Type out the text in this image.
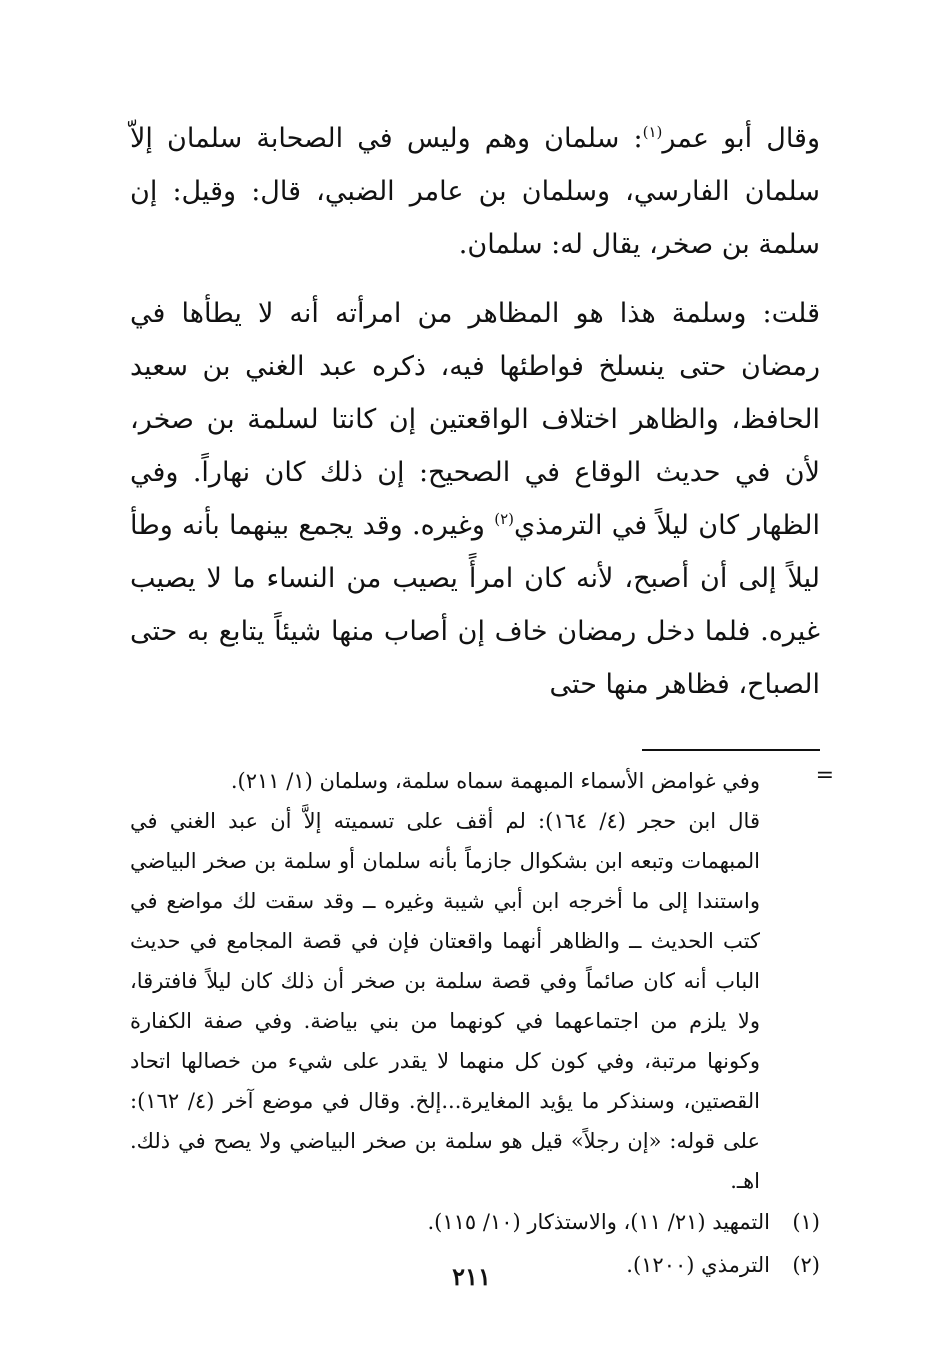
وقال أبو عمر$^{(١)}$: سلمان وهم وليس في الصحابة سلمان إلاّ سلمان الفارسي، وسلمان بن عامر الضبي، قال: وقيل: إن سلمة بن صخر، يقال له: سلمان.

قلت: وسلمة هذا هو المظاهر من امرأته أنه لا يطأها في رمضان حتى ينسلخ فواطئها فيه، ذكره عبد الغني بن سعيد الحافظ، والظاهر اختلاف الواقعتين إن كانتا لسلمة بن صخر، لأن في حديث الوقاع في الصحيح: إن ذلك كان نهاراً. وفي الظهار كان ليلاً في الترمذي$^{(٢)}$ وغيره. وقد يجمع بينهما بأنه وطأ ليلاً إلى أن أصبح، لأنه كان امرأً يصيب من النساء ما لا يصيب غيره. فلما دخل رمضان خاف إن أصاب منها شيئاً يتابع به حتى الصباح، فظاهر منها حتى

=

وفي غوامض الأسماء المبهمة سماه سلمة، وسلمان (١/ ٢١١).

قال ابن حجر (٤/ ١٦٤): لم أقف على تسميته إلاَّ أن عبد الغني في المبهمات وتبعه ابن بشكوال جازماً بأنه سلمان أو سلمة بن صخر البياضي واستندا إلى ما أخرجه ابن أبي شيبة وغيره ــ وقد سقت لك مواضع في كتب الحديث ــ والظاهر أنهما واقعتان فإن في قصة المجامع في حديث الباب أنه كان صائماً وفي قصة سلمة بن صخر أن ذلك كان ليلاً فافترقا، ولا يلزم من اجتماعهما في كونهما من بني بياضة. وفي صفة الكفارة وكونها مرتبة، وفي كون كل منهما لا يقدر على شيء من خصالها اتحاد القصتين، وسنذكر ما يؤيد المغايرة...إلخ. وقال في موضع آخر (٤/ ١٦٢): على قوله: «إن رجلاً» قيل هو سلمة بن صخر البياضي ولا يصح في ذلك. اهـ.

(١)
التمهيد (٢١/ ١١)، والاستذكار (١٠/ ١١٥).
(٢)
الترمذي (١٢٠٠).
٢١١
